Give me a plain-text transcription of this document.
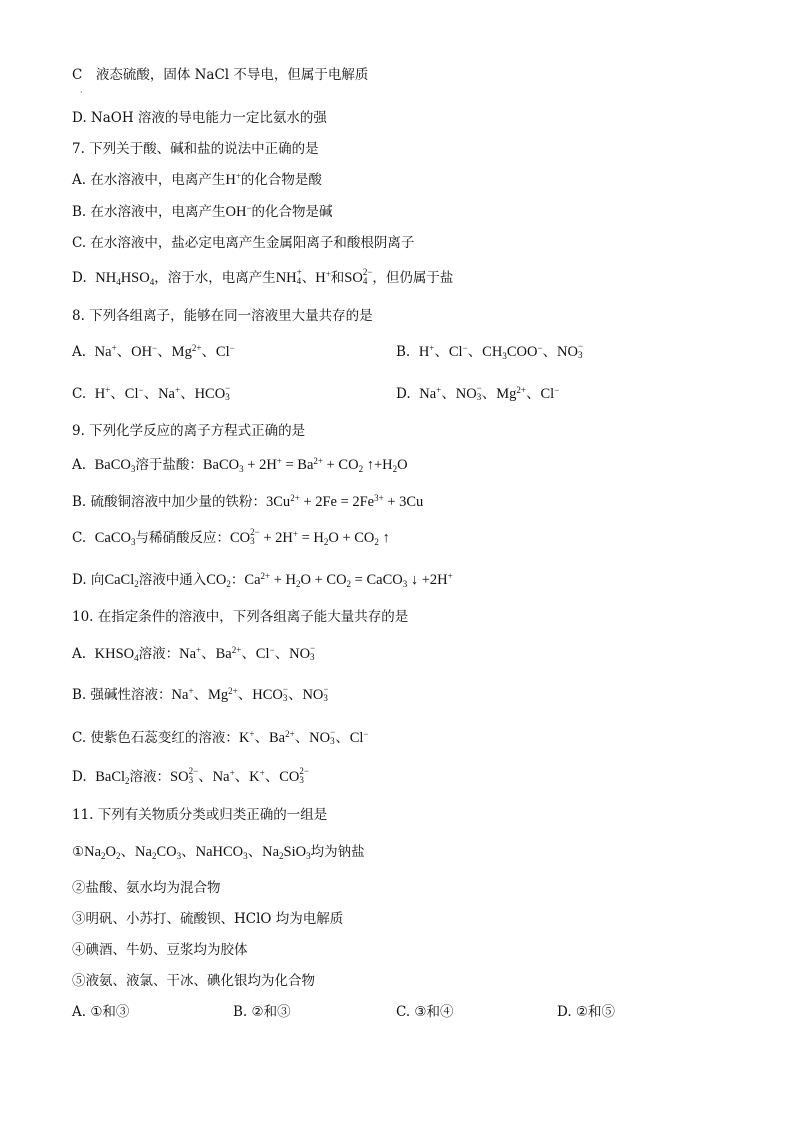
C　液态硫酸，固体 NaCl 不导电，但属于电解质
·
D. NaOH 溶液的导电能力一定比氨水的强
7. 下列关于酸、碱和盐的说法中正确的是
A. 在水溶液中，电离产生H+的化合物是酸
B. 在水溶液中，电离产生OH−的化合物是碱
C. 在水溶液中，盐必定电离产生金属阳离子和酸根阴离子
D. $NH_4HSO_4$，溶于水，电离产生NH +
4 、H+和SO 2−
4 ，但仍属于盐
8. 下列各组离子，能够在同一溶液里大量共存的是
A. Na+、OH−、$Mg^{2+}$、Cl−	B. H+、Cl−、$CH_3COO^-$、NO −
3
C. H+、Cl−、Na+、HCO −
3	D. Na+、NO −
3 、$Mg^{2+}$、Cl−
9. 下列化学反应的离子方程式正确的是
A. BaCO$_3$溶于盐酸：BaCO$_3$ + $2H^+ = Ba^{2+} + CO_2$ $↑+H_2O$
B. 硫酸铜溶液中加少量的铁粉：$3Cu^{2+} + 2Fe = 2Fe^{3+} + 3Cu$
C. CaCO$_3$与稀硝酸反应：CO 2−
$3 + 2H^+ = H_2O + CO_2$ ↑
D. 向CaCl$_2$溶液中通入$CO_2$：$Ca^{2+} + H_2O + CO_2$ = CaCO$_3$ ↓ +2H+
10. 在指定条件的溶液中，下列各组离子能大量共存的是
A. $KHSO_4$溶液：Na+、$Ba^{2+}$、Cl−、NO −
3
B. 强碱性溶液：Na+、$Mg^{2+}$、HCO −
3 、NO −
3
C. 使紫色石蕊变红的溶液：K+、$Ba^{2+}$、NO −
3 、Cl−
D. BaCl$_2$溶液：SO 2−
3 、Na+、K+、CO 2−
3
11. 下列有关物质分类或归类正确的一组是
$①Na_2O_2$、$Na_2CO_3$、NaHCO$_3$、$Na_2SiO_3$均为钠盐
②盐酸、氨水均为混合物
③明矾、小苏打、硫酸钡、HClO 均为电解质
④碘酒、牛奶、豆浆均为胶体
⑤液氨、液氯、干冰、碘化银均为化合物
A. ①和③	B. ②和③	C. ③和④	D. ②和⑤
